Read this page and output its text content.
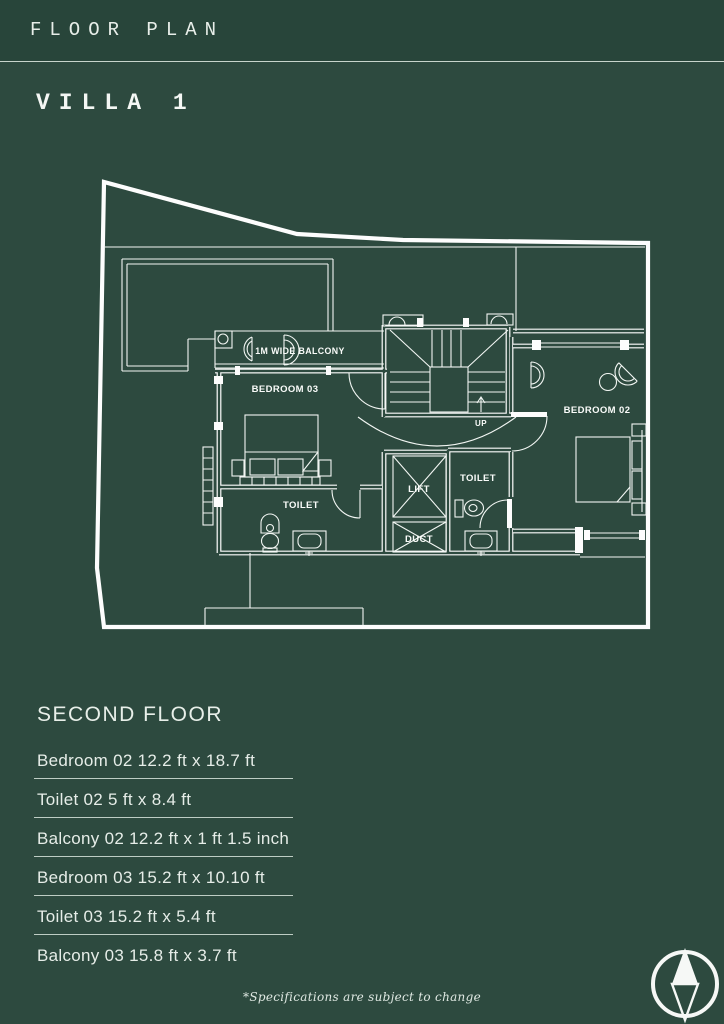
FLOOR PLAN
VILLA 1
1M WIDE BALCONY
BEDROOM 03
TOILET
LIFT
DUCT
TOILET
BEDROOM 02
UP
SECOND FLOOR
Bedroom 02 12.2 ft x 18.7 ft
Toilet 02 5 ft x 8.4 ft
Balcony 02 12.2 ft x 1 ft 1.5 inch
Bedroom 03 15.2 ft x 10.10 ft
Toilet 03 15.2 ft x 5.4 ft
Balcony 03 15.8 ft x 3.7 ft
*Specifications are subject to change
